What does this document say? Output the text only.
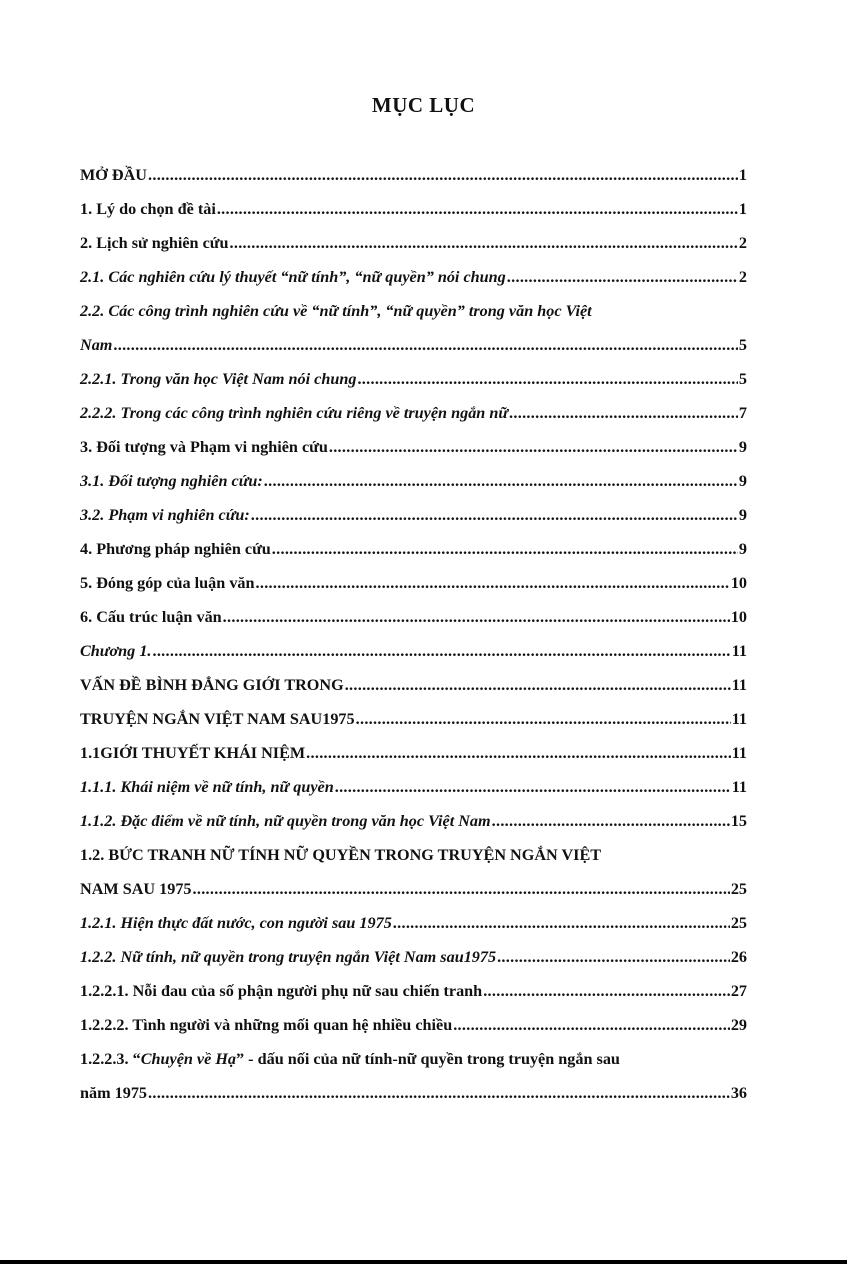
MỤC LỤC
MỞ ĐẦU .....	1
1. Lý do chọn đề tài .....	1
2. Lịch sử nghiên cứu .....	2
2.1. Các nghiên cứu lý thuyết “nữ tính”, “nữ quyền” nói chung .....	2
2.2. Các công trình nghiên cứu về “nữ tính”, “nữ quyền” trong văn học Việt
Nam .....	5
2.2.1. Trong văn học Việt Nam nói chung .....	5
2.2.2. Trong các công trình nghiên cứu riêng về truyện ngắn nữ .....	7
3. Đối tượng và Phạm vi nghiên cứu .....	9
3.1. Đối tượng nghiên cứu: .....	9
3.2. Phạm vi nghiên cứu: .....	9
4. Phương pháp nghiên cứu .....	9
5. Đóng góp của luận văn .....	10
6. Cấu trúc luận văn .....	10
Chương 1. .....	11
VẤN ĐỀ BÌNH ĐẲNG GIỚI TRONG .....	11
TRUYỆN NGẮN VIỆT NAM SAU1975 .....	11
1.1GIỚI THUYẾT KHÁI NIỆM .....	11
1.1.1. Khái niệm về nữ tính, nữ quyền .....	11
1.1.2. Đặc điểm về nữ tính, nữ quyền trong văn học Việt Nam .....	15
1.2. BỨC TRANH NỮ TÍNH NỮ QUYỀN TRONG TRUYỆN NGẮN VIỆT
NAM SAU 1975 .....	25
1.2.1. Hiện thực đất nước, con người sau 1975 .....	25
1.2.2. Nữ tính, nữ quyền trong truyện ngắn Việt Nam sau1975 .....	26
1.2.2.1. Nỗi đau của số phận người phụ nữ sau chiến tranh .....	27
1.2.2.2. Tình người và những mối quan hệ nhiều chiều .....	29
1.2.2.3. “Chuyện về Hạ” - dấu nối của nữ tính-nữ quyền trong truyện ngắn sau
năm 1975 .....	36
